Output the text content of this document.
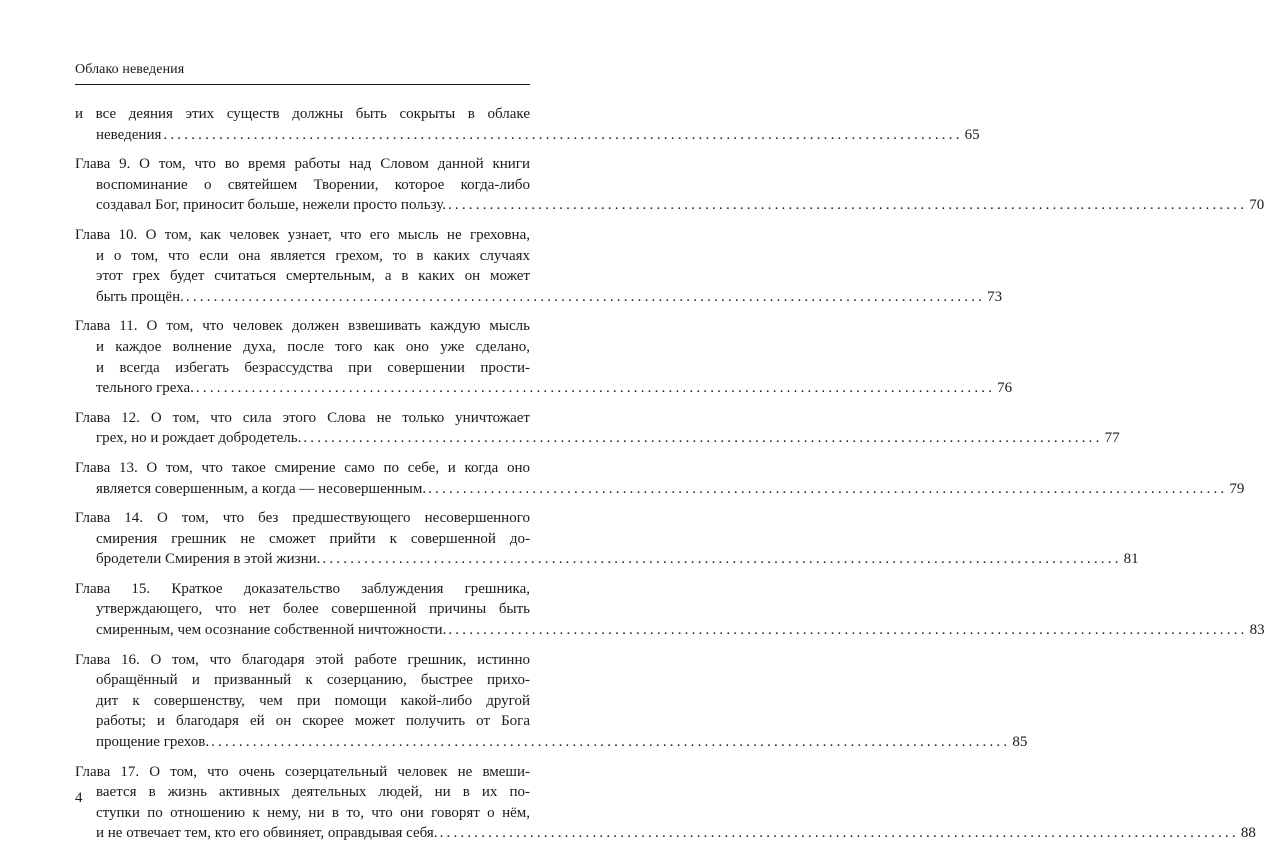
Облако неведения
и все деяния этих существ должны быть сокрыты в облаке
неведения ................................................................................................................... 65
Глава 9. О том, что во время работы над Словом данной книги
воспоминание о святейшем Творении, которое когда-либо
создавал Бог, приносит больше, нежели просто пользу. ................................................................................................................... 70
Глава 10. О том, как человек узнает, что его мысль не греховна,
и о том, что если она является грехом, то в каких случаях
этот грех будет считаться смертельным, а в каких он может
быть прощён. ................................................................................................................... 73
Глава 11. О том, что человек должен взвешивать каждую мысль
и каждое волнение духа, после того как оно уже сделано,
и всегда избегать безрассудства при совершении прости-
тельного греха. ................................................................................................................... 76
Глава 12. О том, что сила этого Слова не только уничтожает
грех, но и рождает добродетель. ................................................................................................................... 77
Глава 13. О том, что такое смирение само по себе, и когда оно
является совершенным, а когда — несовершенным. ................................................................................................................... 79
Глава 14. О том, что без предшествующего несовершенного
смирения грешник не сможет прийти к совершенной до-
бродетели Смирения в этой жизни. ................................................................................................................... 81
Глава 15. Краткое доказательство заблуждения грешника,
утверждающего, что нет более совершенной причины быть
смиренным, чем осознание собственной ничтожности. ................................................................................................................... 83
Глава 16. О том, что благодаря этой работе грешник, истинно
обращённый и призванный к созерцанию, быстрее прихо-
дит к совершенству, чем при помощи какой-либо другой
работы; и благодаря ей он скорее может получить от Бога
прощение грехов. ................................................................................................................... 85
Глава 17. О том, что очень созерцательный человек не вмеши-
вается в жизнь активных деятельных людей, ни в их по-
ступки по отношению к нему, ни в то, что они говорят о нём,
и не отвечает тем, кто его обвиняет, оправдывая себя. ................................................................................................................... 88
4
